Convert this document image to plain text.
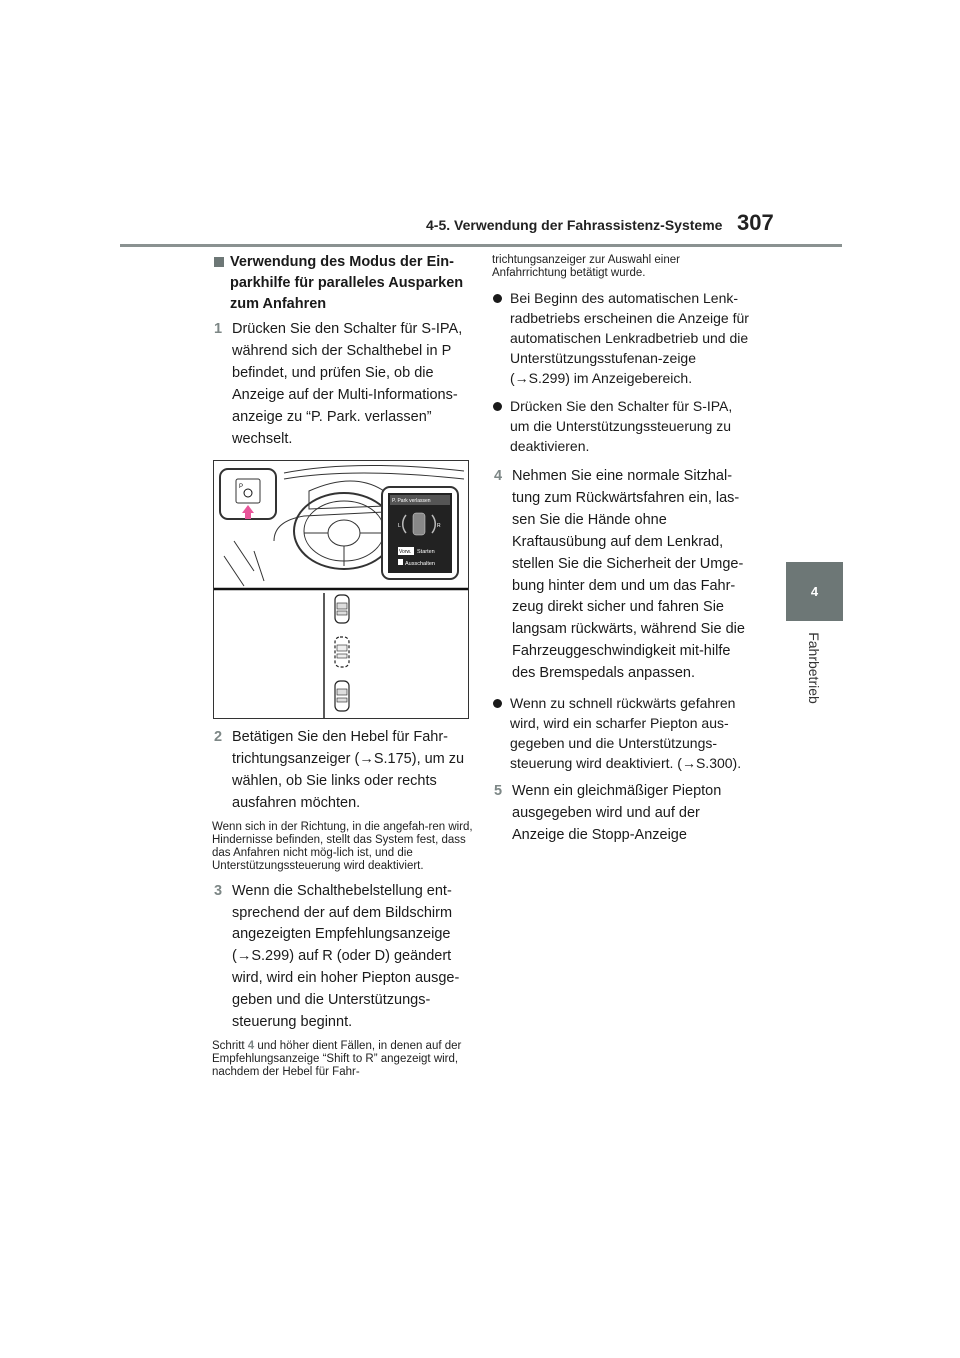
4-5. Verwendung der Fahrassistenz-Systeme 307
4
Fahrbetrieb
Verwendung des Modus der Ein-parkhilfe für paralleles Ausparken zum Anfahren
1 Drücken Sie den Schalter für S-IPA, während sich der Schalthebel in P befindet, und prüfen Sie, ob die Anzeige auf der Multi-Informations-anzeige zu “P. Park. verlassen” wechselt.
P
P. Park verlassen
L	R
Vorw. Starten
Ausschalten
2 Betätigen Sie den Hebel für Fahr-trichtungsanzeiger (→S.175), um zu wählen, ob Sie links oder rechts ausfahren möchten.
Wenn sich in der Richtung, in die angefah-ren wird, Hindernisse befinden, stellt das System fest, dass das Anfahren nicht mög-lich ist, und die Unterstützungssteuerung wird deaktiviert.
3 Wenn die Schalthebelstellung ent-sprechend der auf dem Bildschirm angezeigten Empfehlungsanzeige (→S.299) auf R (oder D) geändert wird, wird ein hoher Piepton ausge-geben und die Unterstützungs-steuerung beginnt.
Schritt 4 und höher dient Fällen, in denen auf der Empfehlungsanzeige “Shift to R” angezeigt wird, nachdem der Hebel für Fahr-
trichtungsanzeiger zur Auswahl einer Anfahrrichtung betätigt wurde.
Bei Beginn des automatischen Lenk-radbetriebs erscheinen die Anzeige für automatischen Lenkradbetrieb und die Unterstützungsstufenan-zeige (→S.299) im Anzeigebereich.
Drücken Sie den Schalter für S-IPA, um die Unterstützungssteuerung zu deaktivieren.
4 Nehmen Sie eine normale Sitzhal-tung zum Rückwärtsfahren ein, las-sen Sie die Hände ohne Kraftausübung auf dem Lenkrad, stellen Sie die Sicherheit der Umge-bung hinter dem und um das Fahr-zeug direkt sicher und fahren Sie langsam rückwärts, während Sie die Fahrzeuggeschwindigkeit mit-hilfe des Bremspedals anpassen.
Wenn zu schnell rückwärts gefahren wird, wird ein scharfer Piepton aus-gegeben und die Unterstützungs-steuerung wird deaktiviert. (→S.300).
5 Wenn ein gleichmäßiger Piepton ausgegeben wird und auf der Anzeige die Stopp-Anzeige
